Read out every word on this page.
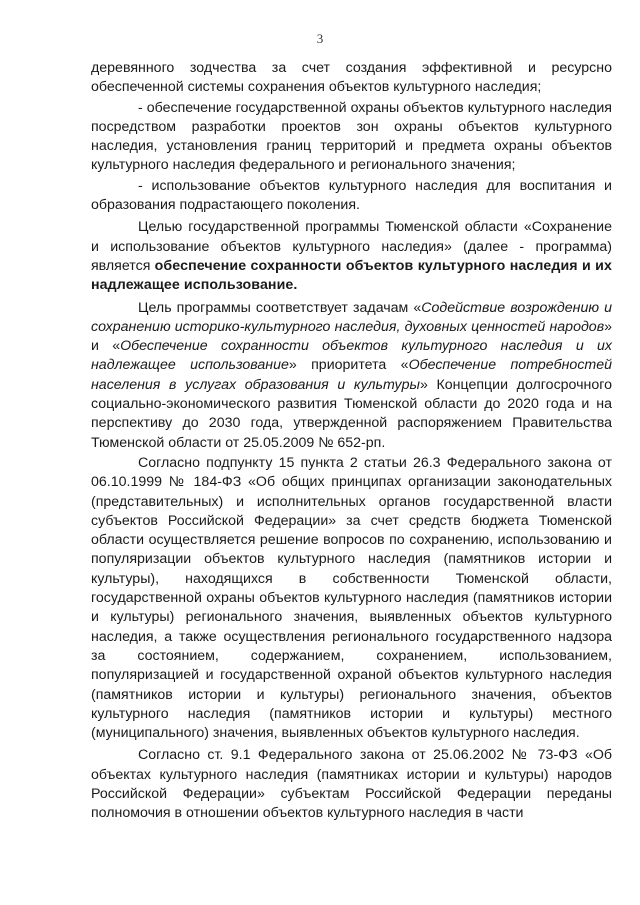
3

деревянного зодчества за счет создания эффективной и ресурсно обеспеченной системы сохранения объектов культурного наследия;

- обеспечение государственной охраны объектов культурного наследия посредством разработки проектов зон охраны объектов культурного наследия, установления границ территорий и предмета охраны объектов культурного наследия федерального и регионального значения;

- использование объектов культурного наследия для воспитания и образования подрастающего поколения.

Целью государственной программы Тюменской области «Сохранение и использование объектов культурного наследия» (далее - программа) является обеспечение сохранности объектов культурного наследия и их надлежащее использование.

Цель программы соответствует задачам «Содействие возрождению и сохранению историко-культурного наследия, духовных ценностей народов» и «Обеспечение сохранности объектов культурного наследия и их надлежащее использование» приоритета «Обеспечение потребностей населения в услугах образования и культуры» Концепции долгосрочного социально-экономического развития Тюменской области до 2020 года и на перспективу до 2030 года, утвержденной распоряжением Правительства Тюменской области от 25.05.2009 № 652-рп.

Согласно подпункту 15 пункта 2 статьи 26.3 Федерального закона от 06.10.1999 № 184-ФЗ «Об общих принципах организации законодательных (представительных) и исполнительных органов государственной власти субъектов Российской Федерации» за счет средств бюджета Тюменской области осуществляется решение вопросов по сохранению, использованию и популяризации объектов культурного наследия (памятников истории и культуры), находящихся в собственности Тюменской области, государственной охраны объектов культурного наследия (памятников истории и культуры) регионального значения, выявленных объектов культурного наследия, а также осуществления регионального государственного надзора за состоянием, содержанием, сохранением, использованием, популяризацией и государственной охраной объектов культурного наследия (памятников истории и культуры) регионального значения, объектов культурного наследия (памятников истории и культуры) местного (муниципального) значения, выявленных объектов культурного наследия.

Согласно ст. 9.1 Федерального закона от 25.06.2002 № 73-ФЗ «Об объектах культурного наследия (памятниках истории и культуры) народов Российской Федерации» субъектам Российской Федерации переданы полномочия в отношении объектов культурного наследия в части
